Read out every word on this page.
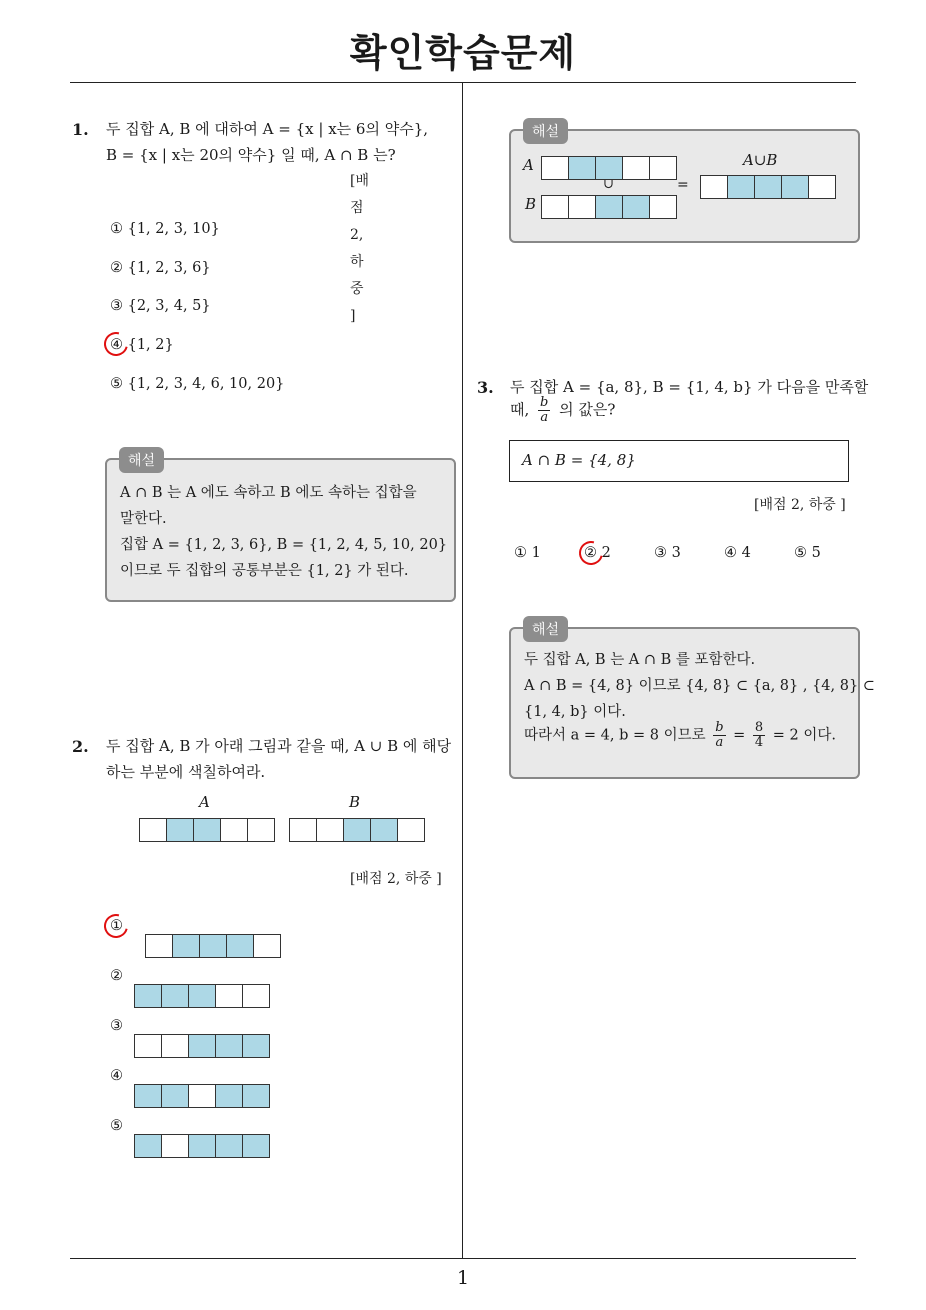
확인학습문제
1
1. 두 집합 A, B 에 대하여 A = {x | x는 6의 약수},
B = {x | x는 20의 약수} 일 때, A ∩ B 는?
[배점 2, 하중 ]
① {1, 2, 3, 10}
② {1, 2, 3, 6}
③ {2, 3, 4, 5}
④ {1, 2}
⑤ {1, 2, 3, 4, 6, 10, 20}
해설
A ∩ B 는 A 에도 속하고 B 에도 속하는 집합을
말한다.
집합 A = {1, 2, 3, 6}, B = {1, 2, 4, 5, 10, 20}
이므로 두 집합의 공통부분은 {1, 2} 가 된다.
2. 두 집합 A, B 가 아래 그림과 같을 때, A ∪ B 에 해당
하는 부분에 색칠하여라.
A	B
[배점 2, 하중 ]
①
②
③
④
⑤
해설
A
∪
B
=
A∪B
3. 두 집합 A = {a, 8}, B = {1, 4, b} 가 다음을 만족할
때, $\frac{b}{a}$ 의 값은?
A ∩ B = {4, 8}
[배점 2, 하중 ]
① 1	② 2	③ 3	④ 4	⑤ 5
해설
두 집합 A, B 는 A ∩ B 를 포함한다.
A ∩ B = {4, 8} 이므로 {4, 8} ⊂ {a, 8} , {4, 8} ⊂
{1, 4, b} 이다.
따라서 a = 4, b = 8 이므로 $\frac{b}{a} = \frac{8}{4} = 2$ 이다.
